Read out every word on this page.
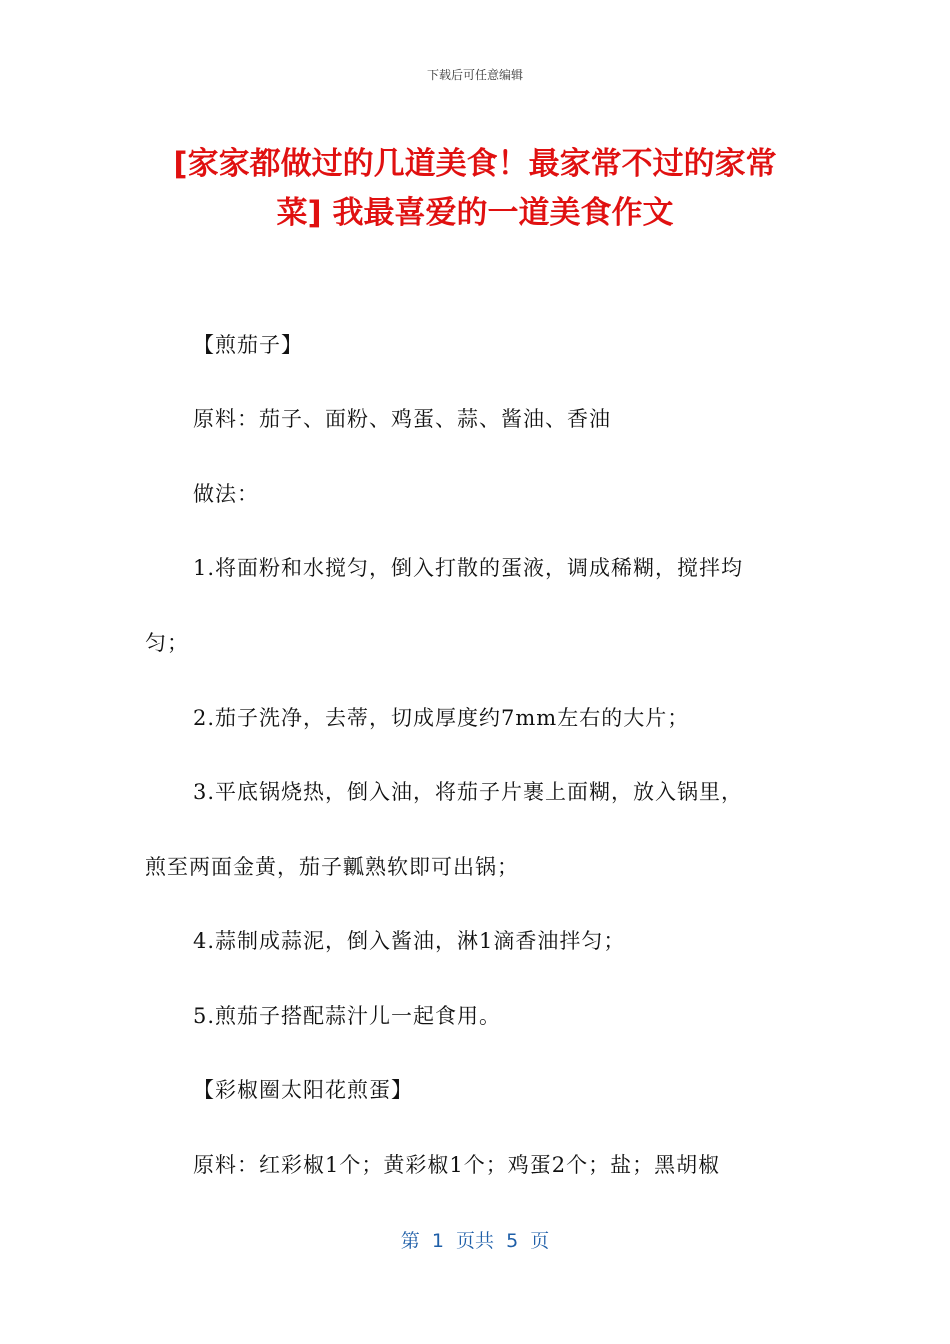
下载后可任意编辑
[家家都做过的几道美食！最家常不过的家常
菜] 我最喜爱的一道美食作文

【煎茄子】

原料：茄子、面粉、鸡蛋、蒜、酱油、香油

做法：

1.将面粉和水搅匀，倒入打散的蛋液，调成稀糊，搅拌均

匀；

2.茄子洗净，去蒂，切成厚度约7mm左右的大片；

3.平底锅烧热，倒入油，将茄子片裹上面糊，放入锅里，

煎至两面金黄，茄子瓤熟软即可出锅；

4.蒜制成蒜泥，倒入酱油，淋1滴香油拌匀；

5.煎茄子搭配蒜汁儿一起食用。

【彩椒圈太阳花煎蛋】

原料：红彩椒1个；黄彩椒1个；鸡蛋2个；盐；黑胡椒

第  1  页共  5  页
